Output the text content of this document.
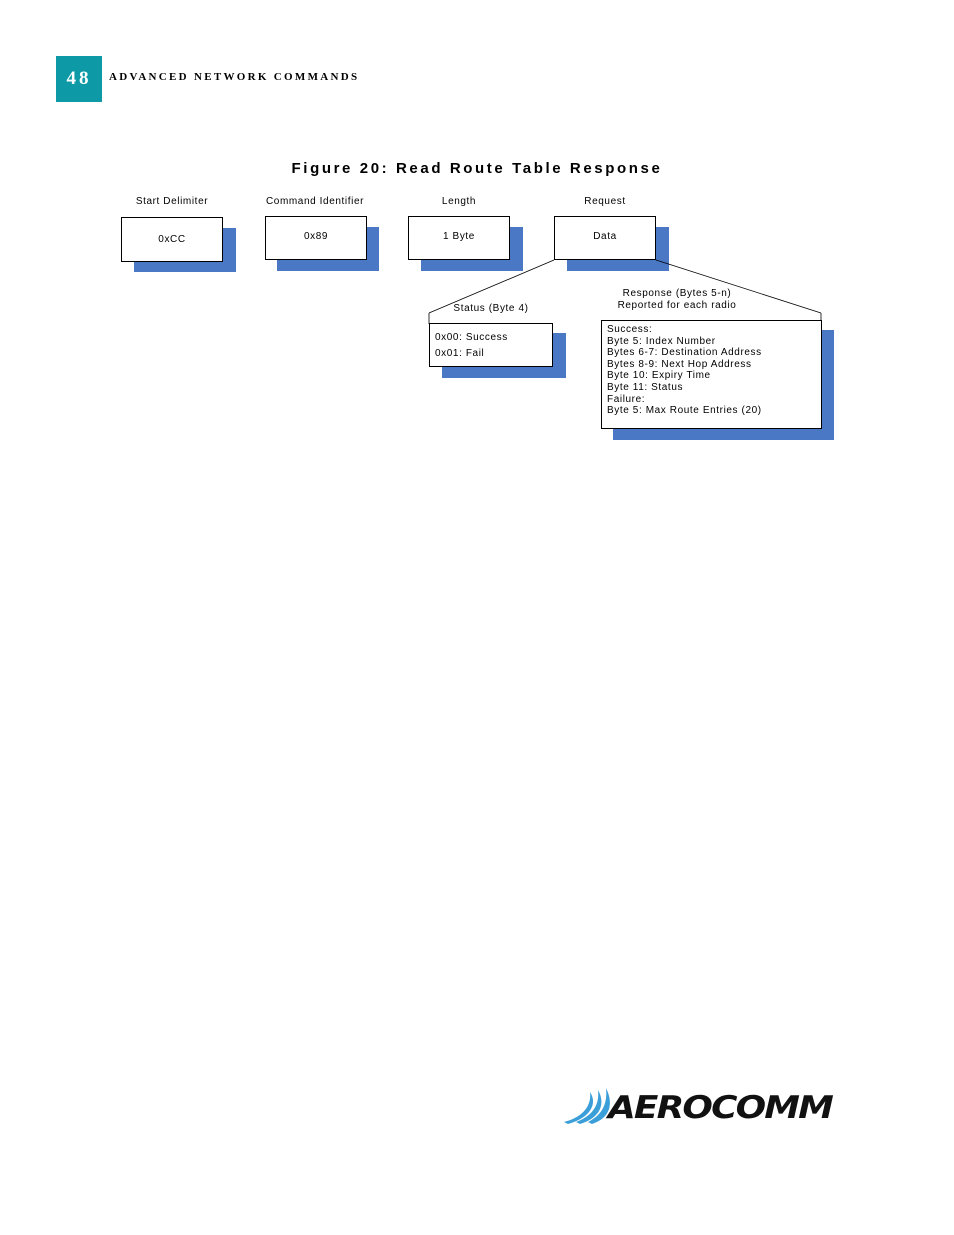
48	ADVANCED NETWORK COMMANDS
Figure 20: Read Route Table Response
Start Delimiter	Command Identifier	Length	Request
0xCC	0x89	1 Byte	Data
Status (Byte 4)
0x00: Success
0x01: Fail
Response (Bytes 5-n)
Reported for each radio
Success:
Byte 5: Index Number
Bytes 6-7: Destination Address
Bytes 8-9: Next Hop Address
Byte 10: Expiry Time
Byte 11: Status
Failure:
Byte 5: Max Route Entries (20)
AEROCOMM
